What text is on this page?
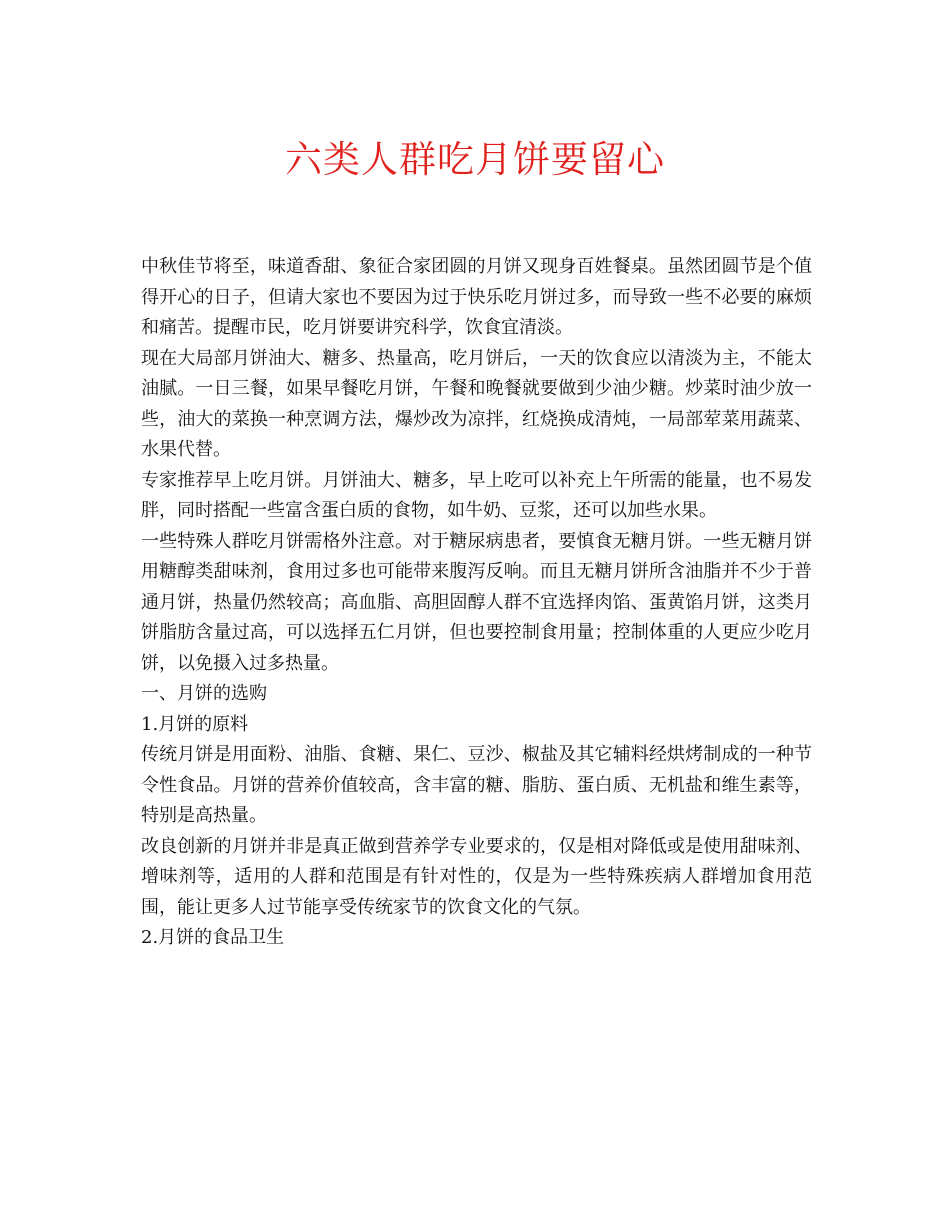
六类人群吃月饼要留心

中秋佳节将至，味道香甜、象征合家团圆的月饼又现身百姓餐桌。虽然团圆节是个值得开心的日子，但请大家也不要因为过于快乐吃月饼过多，而导致一些不必要的麻烦和痛苦。提醒市民，吃月饼要讲究科学，饮食宜清淡。

现在大局部月饼油大、糖多、热量高，吃月饼后，一天的饮食应以清淡为主，不能太油腻。一日三餐，如果早餐吃月饼，午餐和晚餐就要做到少油少糖。炒菜时油少放一些，油大的菜换一种烹调方法，爆炒改为凉拌，红烧换成清炖，一局部荤菜用蔬菜、水果代替。

专家推荐早上吃月饼。月饼油大、糖多，早上吃可以补充上午所需的能量，也不易发胖，同时搭配一些富含蛋白质的食物，如牛奶、豆浆，还可以加些水果。

一些特殊人群吃月饼需格外注意。对于糖尿病患者，要慎食无糖月饼。一些无糖月饼用糖醇类甜味剂，食用过多也可能带来腹泻反响。而且无糖月饼所含油脂并不少于普通月饼，热量仍然较高；高血脂、高胆固醇人群不宜选择肉馅、蛋黄馅月饼，这类月饼脂肪含量过高，可以选择五仁月饼，但也要控制食用量；控制体重的人更应少吃月饼，以免摄入过多热量。

一、月饼的选购

1.月饼的原料

传统月饼是用面粉、油脂、食糖、果仁、豆沙、椒盐及其它辅料经烘烤制成的一种节令性食品。月饼的营养价值较高，含丰富的糖、脂肪、蛋白质、无机盐和维生素等，特别是高热量。

改良创新的月饼并非是真正做到营养学专业要求的，仅是相对降低或是使用甜味剂、增味剂等，适用的人群和范围是有针对性的，仅是为一些特殊疾病人群增加食用范围，能让更多人过节能享受传统家节的饮食文化的气氛。

2.月饼的食品卫生
